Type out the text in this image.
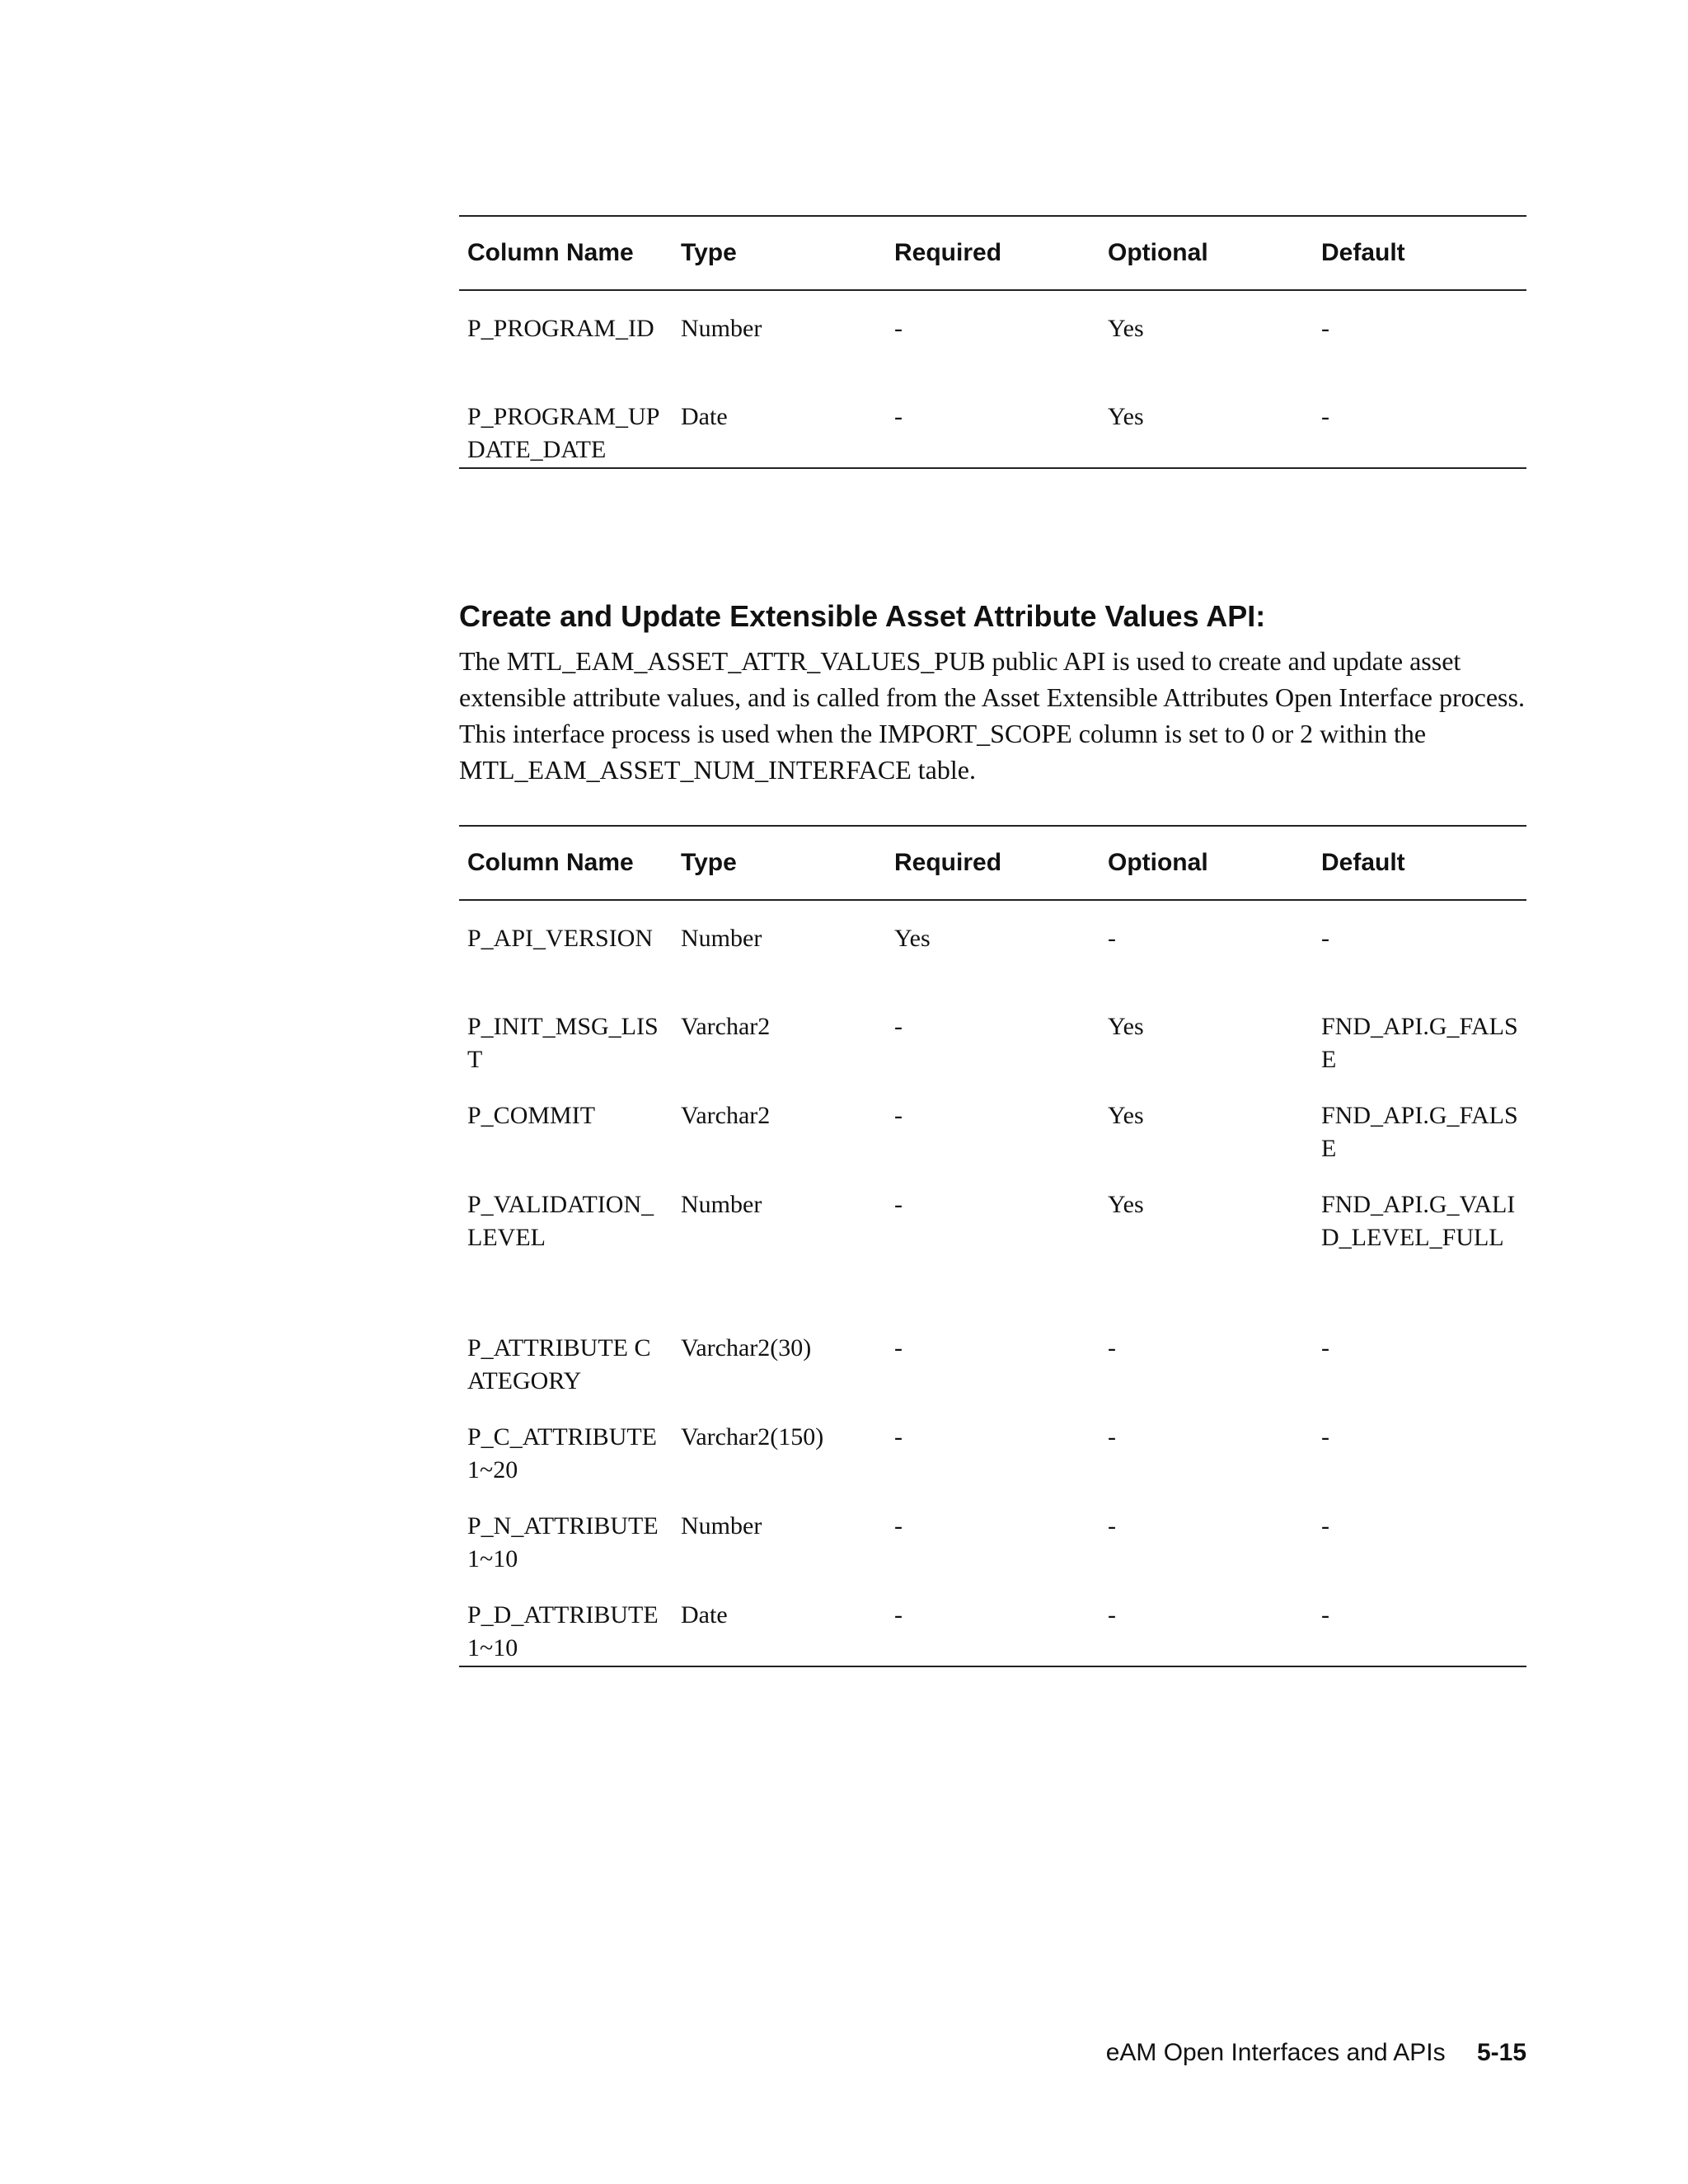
Column Name	Type	Required	Optional	Default
P_PROGRAM_ID	Number	-	Yes	-
P_PROGRAM_UPDATE_DATE	Date	-	Yes	-
Create and Update Extensible Asset Attribute Values API:

The MTL_EAM_ASSET_ATTR_VALUES_PUB public API is used to create and update asset extensible attribute values, and is called from the Asset Extensible Attributes Open Interface process. This interface process is used when the IMPORT_SCOPE column is set to 0 or 2 within the MTL_EAM_ASSET_NUM_INTERFACE table.

Column Name	Type	Required	Optional	Default
P_API_VERSION	Number	Yes	-	-
P_INIT_MSG_LIST	Varchar2	-	Yes	FND_API.G_FALSE
P_COMMIT	Varchar2	-	Yes	FND_API.G_FALSE
P_VALIDATION_LEVEL	Number	-	Yes	FND_API.G_VALID_LEVEL_FULL
P_ATTRIBUTE CATEGORY	Varchar2(30)	-	-	-
P_C_ATTRIBUTE1~20	Varchar2(150)	-	-	-
P_N_ATTRIBUTE1~10	Number	-	-	-
P_D_ATTRIBUTE1~10	Date	-	-	-
eAM Open Interfaces and APIs 5-15
